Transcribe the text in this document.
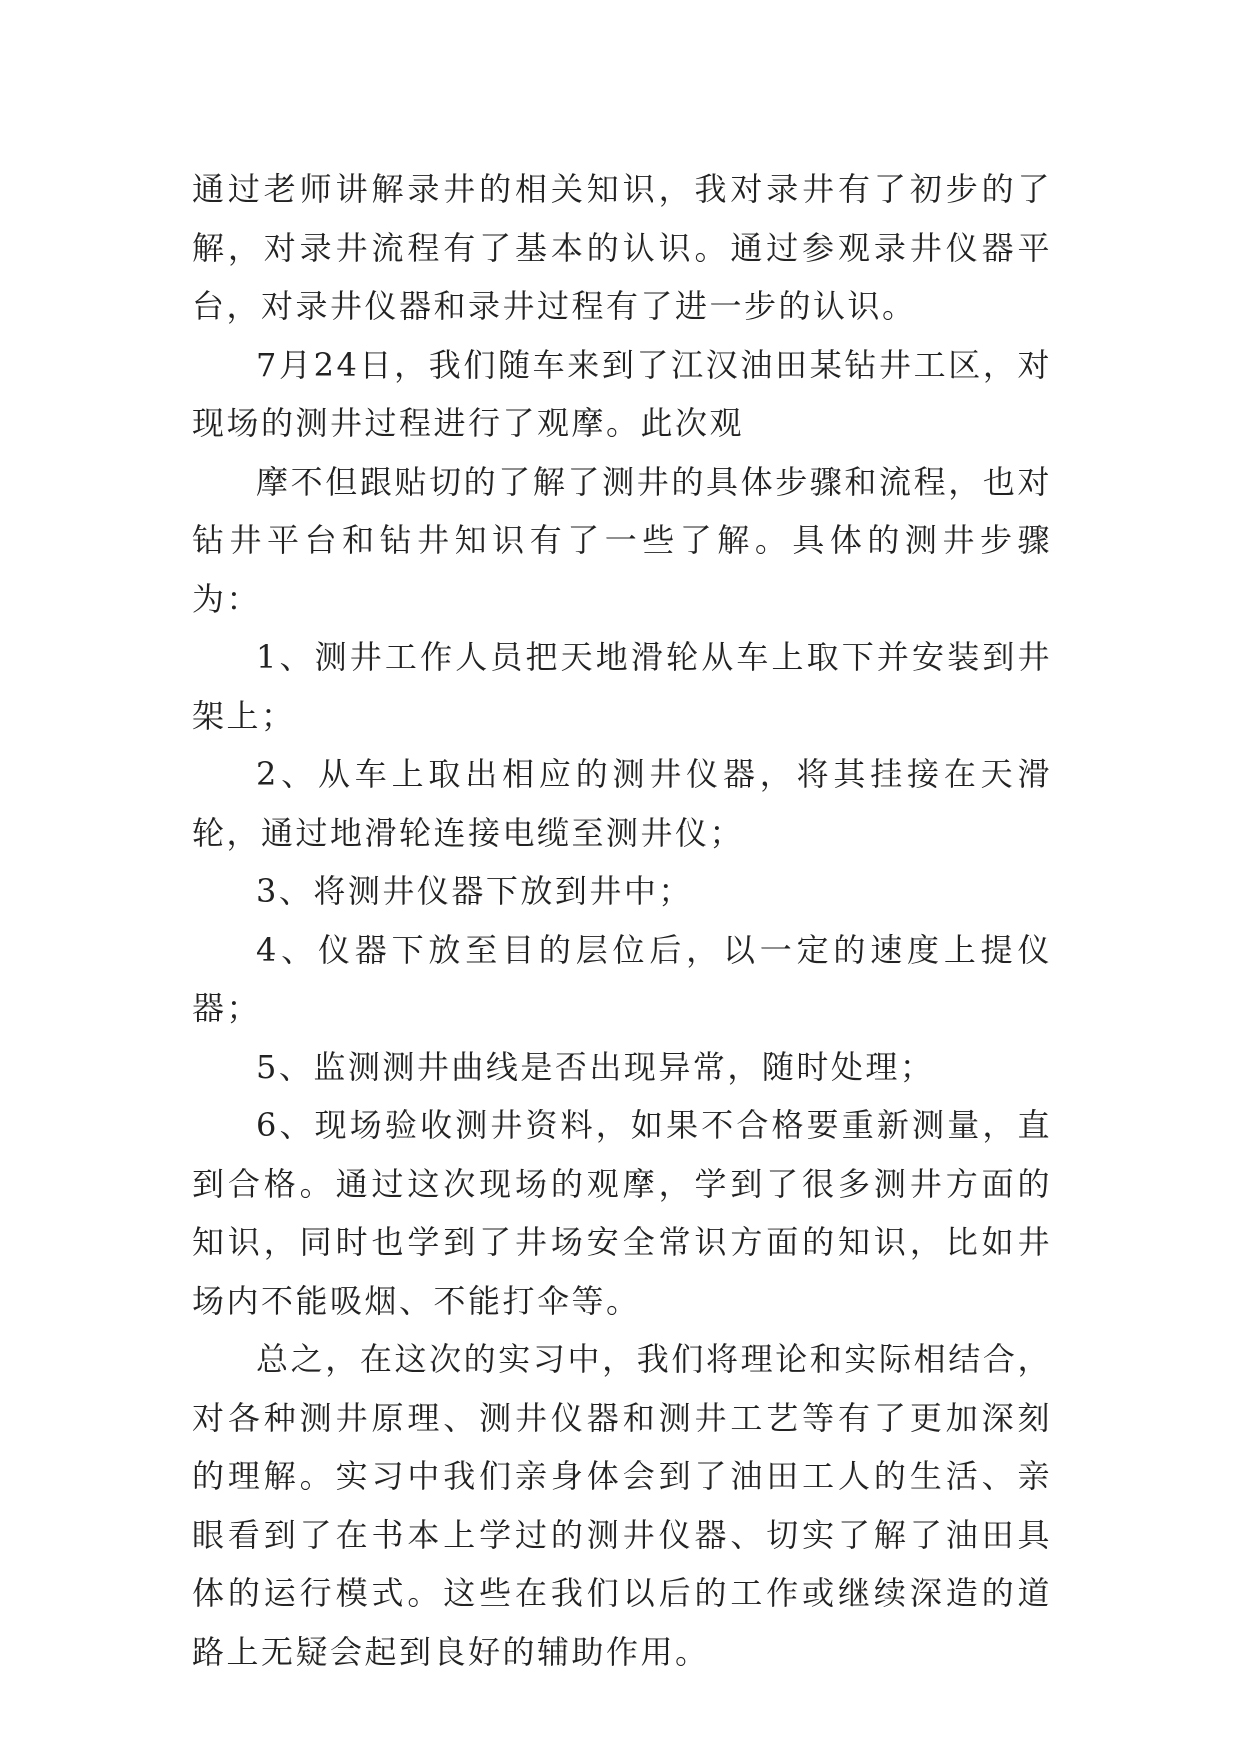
通过老师讲解录井的相关知识，我对录井有了初步的了解，对录井流程有了基本的认识。通过参观录井仪器平台，对录井仪器和录井过程有了进一步的认识。

7月24日，我们随车来到了江汉油田某钻井工区，对现场的测井过程进行了观摩。此次观

摩不但跟贴切的了解了测井的具体步骤和流程，也对钻井平台和钻井知识有了一些了解。具体的测井步骤为：

1、测井工作人员把天地滑轮从车上取下并安装到井架上；

2、从车上取出相应的测井仪器，将其挂接在天滑轮，通过地滑轮连接电缆至测井仪；

3、将测井仪器下放到井中；

4、仪器下放至目的层位后，以一定的速度上提仪器；

5、监测测井曲线是否出现异常，随时处理；

6、现场验收测井资料，如果不合格要重新测量，直到合格。通过这次现场的观摩，学到了很多测井方面的知识，同时也学到了井场安全常识方面的知识，比如井场内不能吸烟、不能打伞等。

总之，在这次的实习中，我们将理论和实际相结合，对各种测井原理、测井仪器和测井工艺等有了更加深刻的理解。实习中我们亲身体会到了油田工人的生活、亲眼看到了在书本上学过的测井仪器、切实了解了油田具体的运行模式。这些在我们以后的工作或继续深造的道路上无疑会起到良好的辅助作用。
